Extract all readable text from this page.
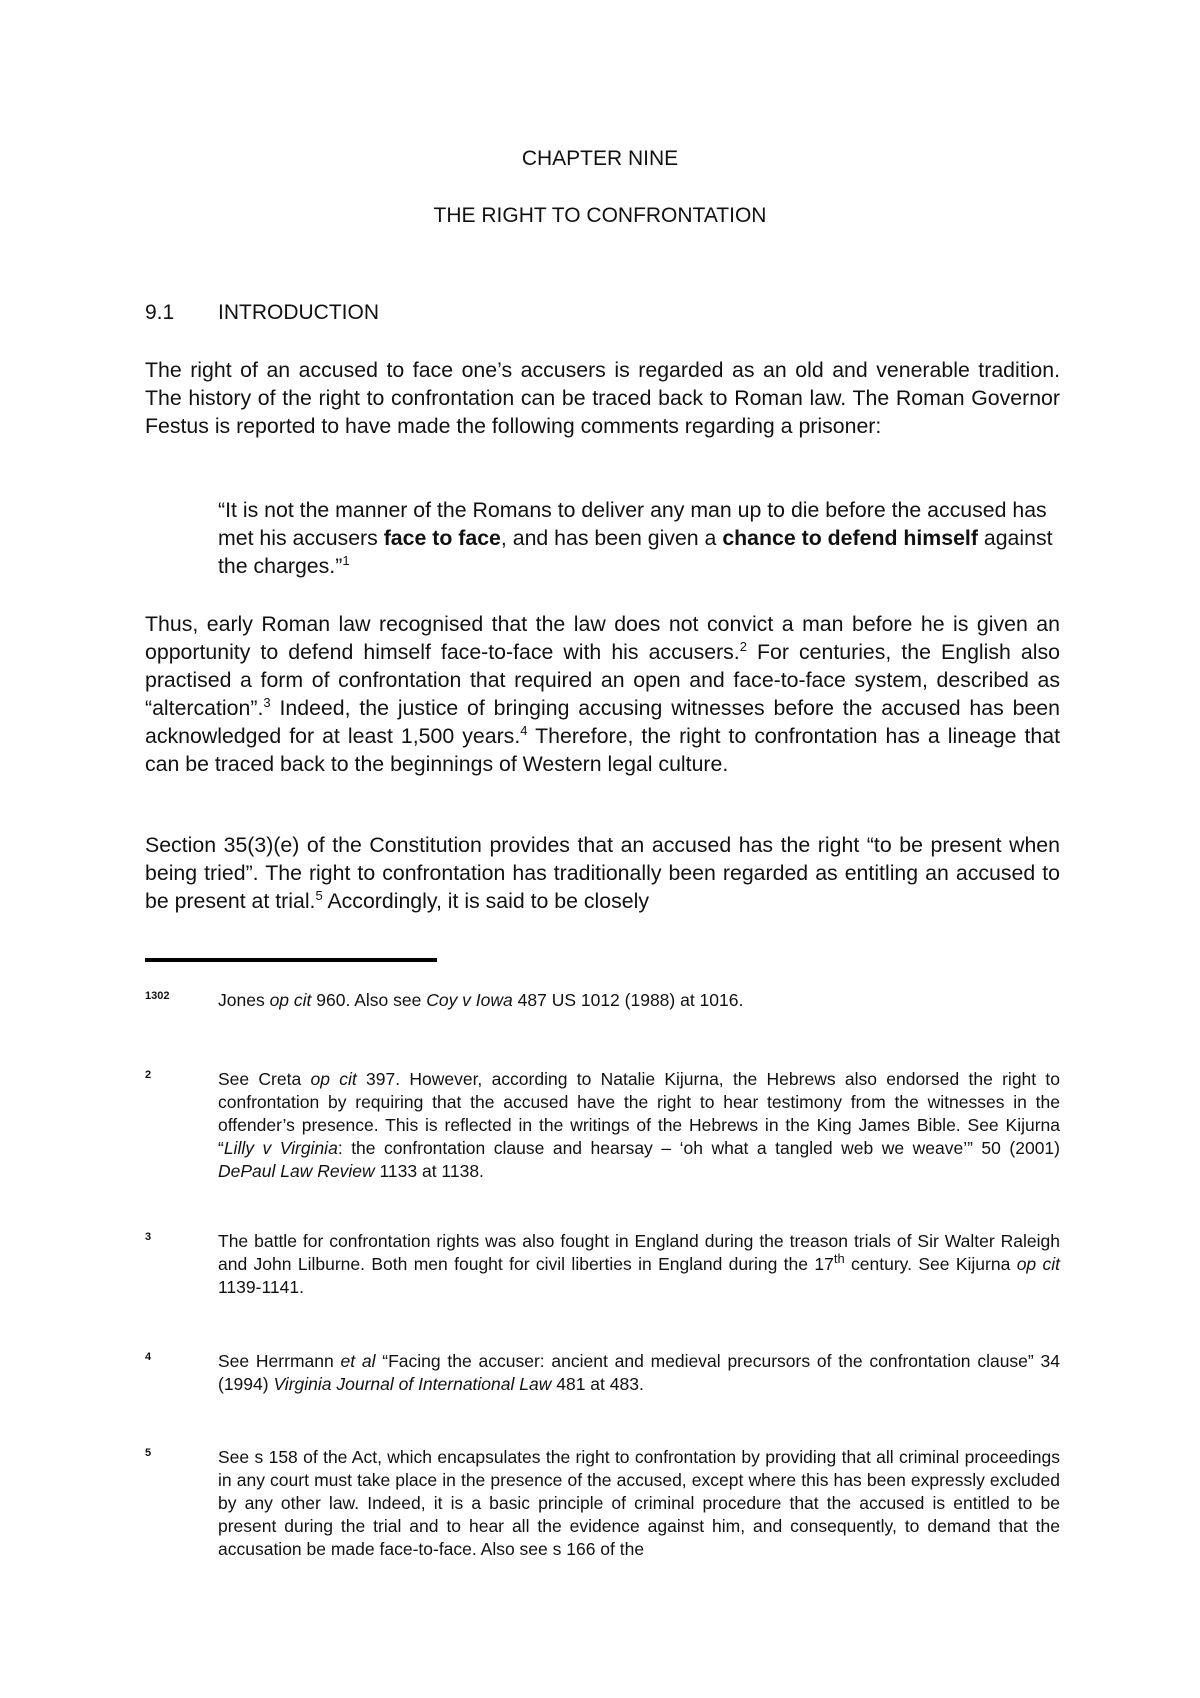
CHAPTER NINE
THE RIGHT TO CONFRONTATION
9.1 INTRODUCTION

The right of an accused to face one’s accusers is regarded as an old and venerable tradition. The history of the right to confrontation can be traced back to Roman law. The Roman Governor Festus is reported to have made the following comments regarding a prisoner:

“It is not the manner of the Romans to deliver any man up to die before the accused has met his accusers face to face, and has been given a chance to defend himself against the charges.”$^1$
Thus, early Roman law recognised that the law does not convict a man before he is given an opportunity to defend himself face-to-face with his accusers.$^2$ For centuries, the English also practised a form of confrontation that required an open and face-to-face system, described as “altercation”.$^3$ Indeed, the justice of bringing accusing witnesses before the accused has been acknowledged for at least 1,500 years.$^4$ Therefore, the right to confrontation has a lineage that can be traced back to the beginnings of Western legal culture.
Section 35(3)(e) of the Constitution provides that an accused has the right “to be present when being tried”. The right to confrontation has traditionally been regarded as entitling an accused to be present at trial.$^5$ Accordingly, it is said to be closely
1302	Jones op cit 960. Also see Coy v Iowa 487 US 1012 (1988) at 1016.
2	See Creta op cit 397. However, according to Natalie Kijurna, the Hebrews also endorsed the right to confrontation by requiring that the accused have the right to hear testimony from the witnesses in the offender’s presence. This is reflected in the writings of the Hebrews in the King James Bible. See Kijurna “Lilly v Virginia: the confrontation clause and hearsay – ‘oh what a tangled web we weave’” 50 (2001) DePaul Law Review 1133 at 1138.
3	The battle for confrontation rights was also fought in England during the treason trials of Sir Walter Raleigh and John Lilburne. Both men fought for civil liberties in England during the 17th century. See Kijurna op cit 1139-1141.
4	See Herrmann et al “Facing the accuser: ancient and medieval precursors of the confrontation clause” 34 (1994) Virginia Journal of International Law 481 at 483.
5	See s 158 of the Act, which encapsulates the right to confrontation by providing that all criminal proceedings in any court must take place in the presence of the accused, except where this has been expressly excluded by any other law. Indeed, it is a basic principle of criminal procedure that the accused is entitled to be present during the trial and to hear all the evidence against him, and consequently, to demand that the accusation be made face-to-face. Also see s 166 of the
